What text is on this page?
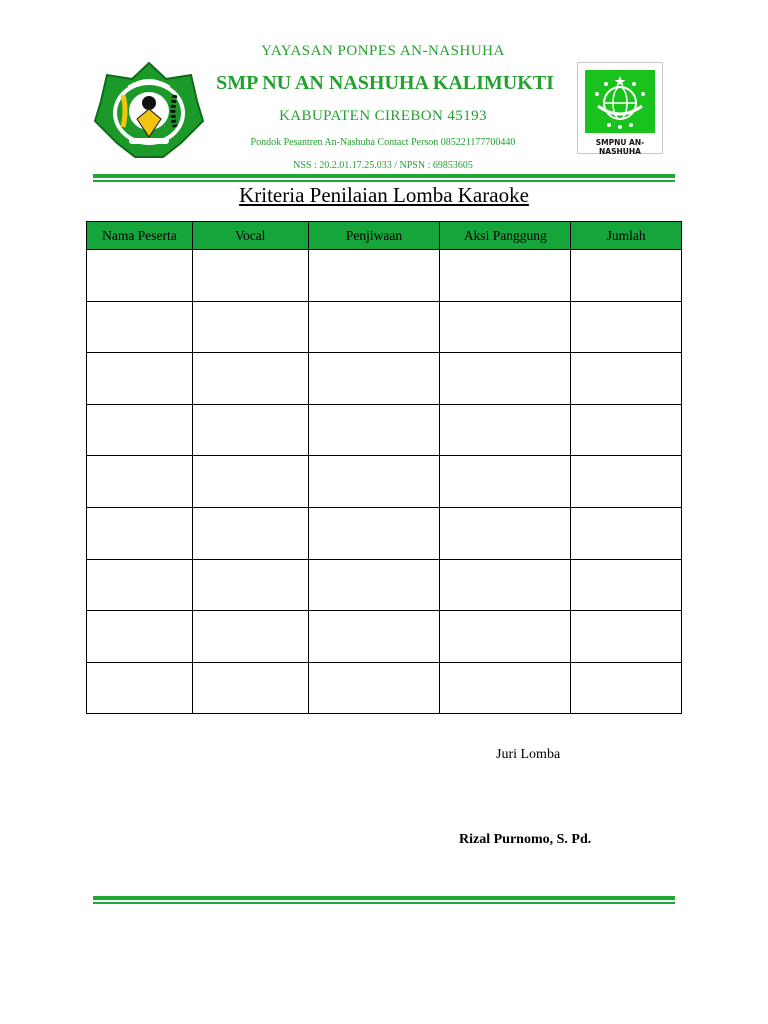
YAYASAN PONPES AN-NASHUHA
SMP NU AN NASHUHA KALIMUKTI
KABUPATEN CIREBON 45193
Pondok Pesantren An-Nashuha Contact Person 085221177700440
NSS : 20.2.01.17.25.033 / NPSN : 69853605
SMPNU AN-NASHUHA
Kriteria Penilaian Lomba Karaoke
Nama Peserta	Vocal	Penjiwaan	Aksi Panggung	Jumlah

Juri Lomba
Rizal Purnomo, S. Pd.
